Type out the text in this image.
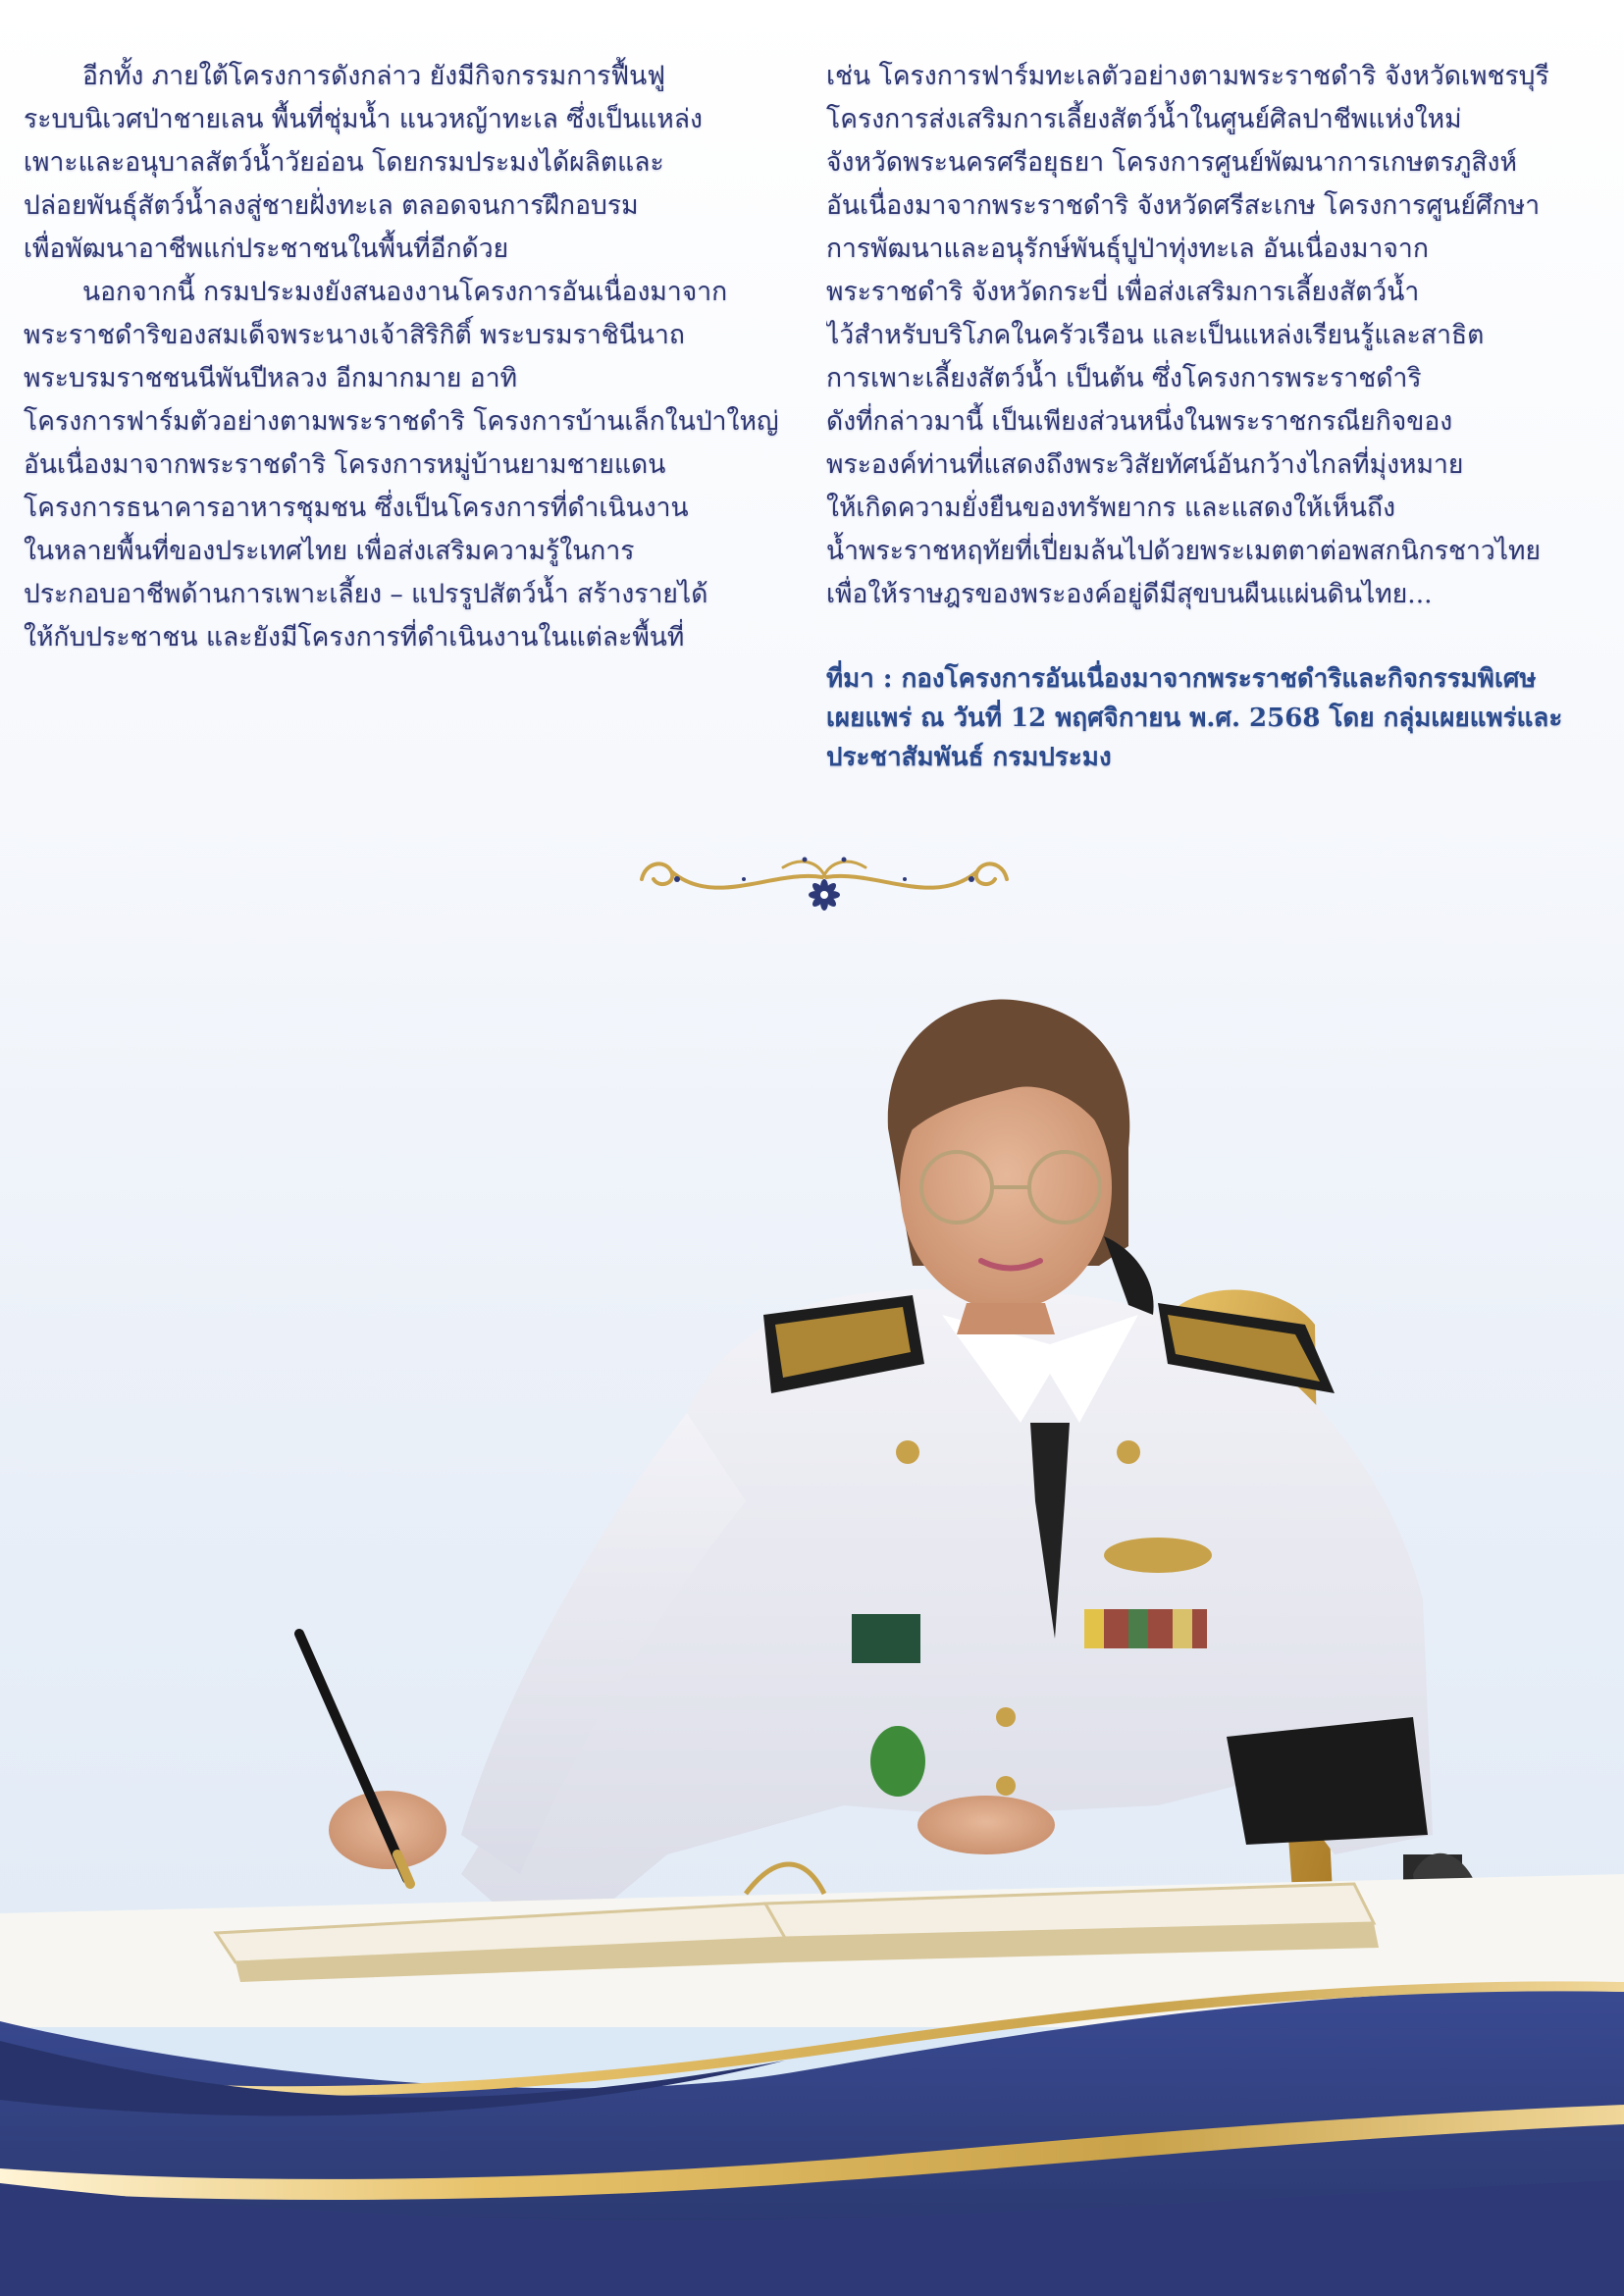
อีกทั้ง ภายใต้โครงการดังกล่าว ยังมีกิจกรรมการฟื้นฟู
ระบบนิเวศป่าชายเลน พื้นที่ชุ่มน้ำ แนวหญ้าทะเล ซึ่งเป็นแหล่ง
เพาะและอนุบาลสัตว์น้ำวัยอ่อน โดยกรมประมงได้ผลิตและ
ปล่อยพันธุ์สัตว์น้ำลงสู่ชายฝั่งทะเล ตลอดจนการฝึกอบรม
เพื่อพัฒนาอาชีพแก่ประชาชนในพื้นที่อีกด้วย
นอกจากนี้ กรมประมงยังสนองงานโครงการอันเนื่องมาจาก
พระราชดำริของสมเด็จพระนางเจ้าสิริกิติ์ พระบรมราชินีนาถ
พระบรมราชชนนีพันปีหลวง อีกมากมาย อาทิ
โครงการฟาร์มตัวอย่างตามพระราชดำริ โครงการบ้านเล็กในป่าใหญ่
อันเนื่องมาจากพระราชดำริ โครงการหมู่บ้านยามชายแดน
โครงการธนาคารอาหารชุมชน ซึ่งเป็นโครงการที่ดำเนินงาน
ในหลายพื้นที่ของประเทศไทย เพื่อส่งเสริมความรู้ในการ
ประกอบอาชีพด้านการเพาะเลี้ยง – แปรรูปสัตว์น้ำ สร้างรายได้
ให้กับประชาชน และยังมีโครงการที่ดำเนินงานในแต่ละพื้นที่
เช่น โครงการฟาร์มทะเลตัวอย่างตามพระราชดำริ จังหวัดเพชรบุรี
โครงการส่งเสริมการเลี้ยงสัตว์น้ำในศูนย์ศิลปาชีพแห่งใหม่
จังหวัดพระนครศรีอยุธยา โครงการศูนย์พัฒนาการเกษตรภูสิงห์
อันเนื่องมาจากพระราชดำริ จังหวัดศรีสะเกษ โครงการศูนย์ศึกษา
การพัฒนาและอนุรักษ์พันธุ์ปูป่าทุ่งทะเล อันเนื่องมาจาก
พระราชดำริ จังหวัดกระบี่ เพื่อส่งเสริมการเลี้ยงสัตว์น้ำ
ไว้สำหรับบริโภคในครัวเรือน และเป็นแหล่งเรียนรู้และสาธิต
การเพาะเลี้ยงสัตว์น้ำ เป็นต้น ซึ่งโครงการพระราชดำริ
ดังที่กล่าวมานี้ เป็นเพียงส่วนหนึ่งในพระราชกรณียกิจของ
พระองค์ท่านที่แสดงถึงพระวิสัยทัศน์อันกว้างไกลที่มุ่งหมาย
ให้เกิดความยั่งยืนของทรัพยากร และแสดงให้เห็นถึง
น้ำพระราชหฤทัยที่เปี่ยมล้นไปด้วยพระเมตตาต่อพสกนิกรชาวไทย
เพื่อให้ราษฎรของพระองค์อยู่ดีมีสุขบนผืนแผ่นดินไทย...
ที่มา : กองโครงการอันเนื่องมาจากพระราชดำริและกิจกรรมพิเศษ
เผยแพร่ ณ วันที่ 12 พฤศจิกายน พ.ศ. 2568 โดย กลุ่มเผยแพร่และ
ประชาสัมพันธ์ กรมประมง
